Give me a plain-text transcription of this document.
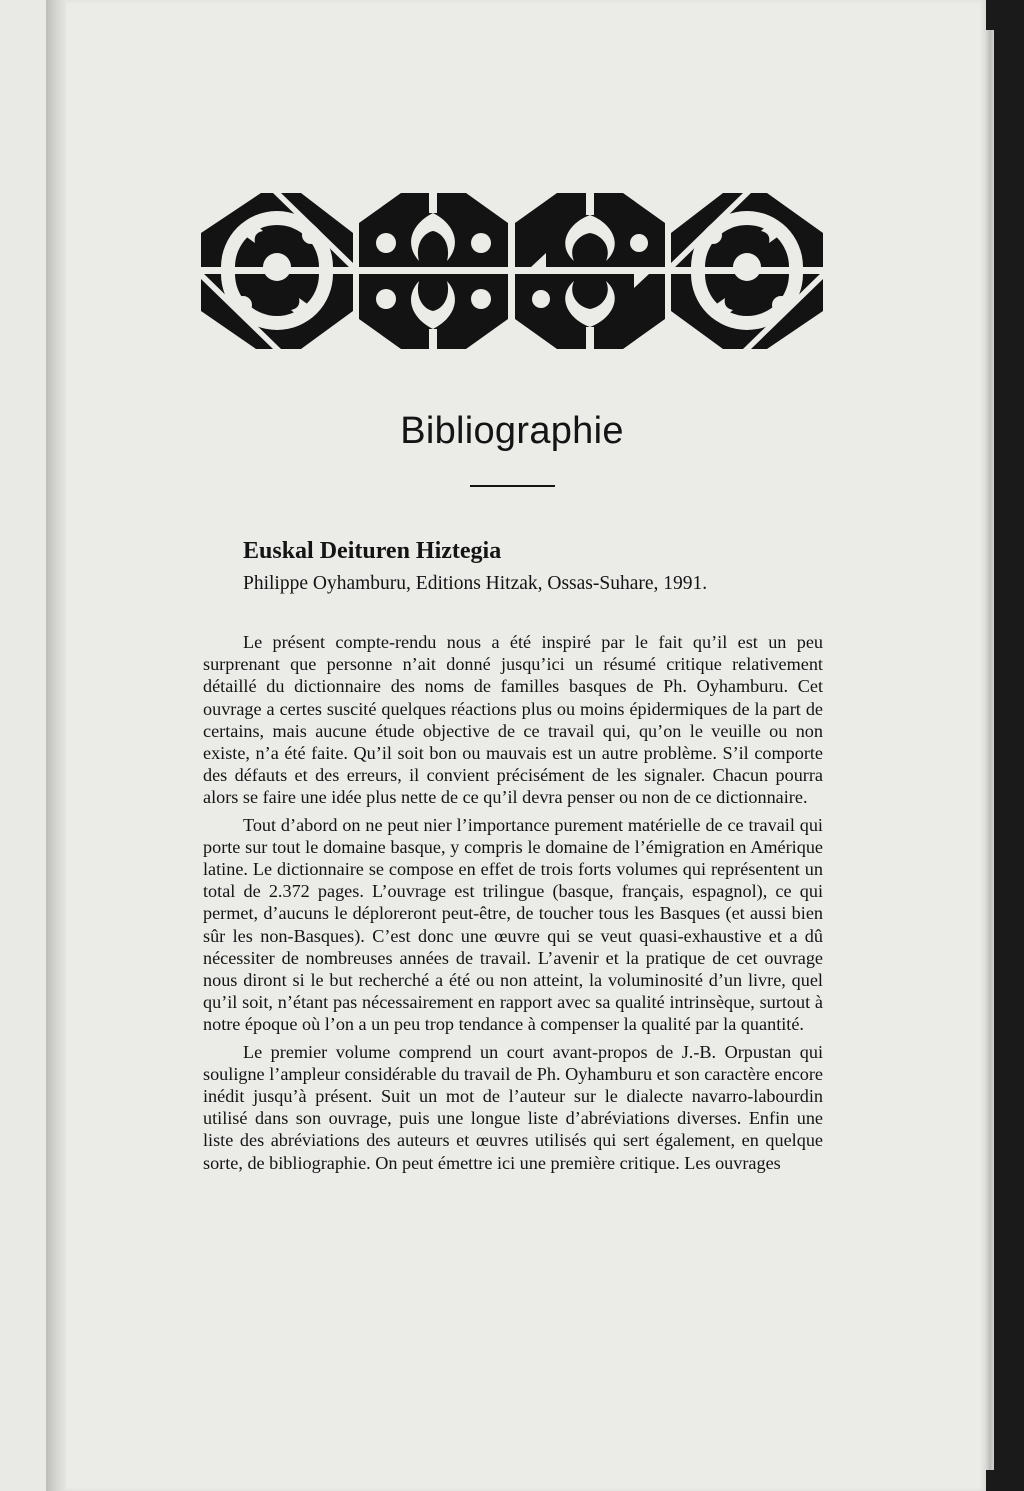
Bibliographie
Euskal Deituren Hiztegia
Philippe Oyhamburu, Editions Hitzak, Ossas-Suhare, 1991.

Le présent compte-rendu nous a été inspiré par le fait qu’il est un peu surprenant que personne n’ait donné jusqu’ici un résumé critique relativement détaillé du dictionnaire des noms de familles basques de Ph. Oyhamburu. Cet ouvrage a certes suscité quelques réactions plus ou moins épidermiques de la part de certains, mais aucune étude objective de ce travail qui, qu’on le veuille ou non existe, n’a été faite. Qu’il soit bon ou mauvais est un autre problème. S’il comporte des défauts et des erreurs, il convient précisément de les signaler. Chacun pourra alors se faire une idée plus nette de ce qu’il devra penser ou non de ce dictionnaire.

Tout d’abord on ne peut nier l’importance purement matérielle de ce travail qui porte sur tout le domaine basque, y compris le domaine de l’émigration en Amérique latine. Le dictionnaire se compose en effet de trois forts volumes qui représentent un total de 2.372 pages. L’ouvrage est trilingue (basque, français, espagnol), ce qui permet, d’aucuns le déploreront peut-être, de toucher tous les Basques (et aussi bien sûr les non-Basques). C’est donc une œuvre qui se veut quasi-exhaustive et a dû nécessiter de nombreuses années de travail. L’avenir et la pratique de cet ouvrage nous diront si le but recherché a été ou non atteint, la voluminosité d’un livre, quel qu’il soit, n’étant pas nécessairement en rapport avec sa qualité intrinsèque, surtout à notre époque où l’on a un peu trop tendance à compenser la qualité par la quantité.

Le premier volume comprend un court avant-propos de J.-B. Orpustan qui souligne l’ampleur considérable du travail de Ph. Oyhamburu et son caractère encore inédit jusqu’à présent. Suit un mot de l’auteur sur le dialecte navarro-labourdin utilisé dans son ouvrage, puis une longue liste d’abréviations diverses. Enfin une liste des abréviations des auteurs et œuvres utilisés qui sert également, en quelque sorte, de bibliographie. On peut émettre ici une première critique. Les ouvrages
